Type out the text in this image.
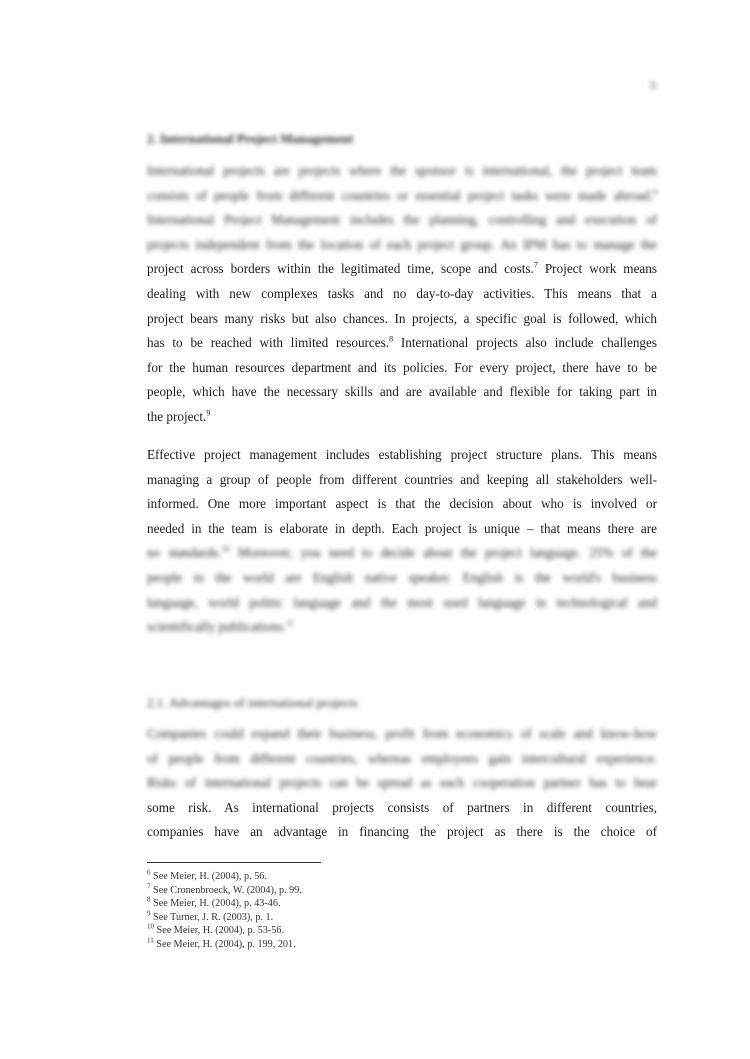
5
2. International Project Management
International projects are projects where the sponsor is international, the project team
consists of people from different countries or essential project tasks were made abroad.$^6$
International Project Management includes the planning, controlling and execution of
projects independent from the location of each project group. An IPM has to manage the
project across borders within the legitimated time, scope and costs.$^7$ Project work means
dealing with new complexes tasks and no day-to-day activities. This means that a
project bears many risks but also chances. In projects, a specific goal is followed, which
has to be reached with limited resources.$^8$ International projects also include challenges
for the human resources department and its policies. For every project, there have to be
people, which have the necessary skills and are available and flexible for taking part in
the project.$^9$
Effective project management includes establishing project structure plans. This means
managing a group of people from different countries and keeping all stakeholders well-
informed. One more important aspect is that the decision about who is involved or
needed in the team is elaborate in depth. Each project is unique – that means there are
no standards.$^{10}$ Moreover, you need to decide about the project language. 25% of the
people in the world are English native speaker. English is the world's business
language, world politic language and the most used language in technological and
scientifically publications.$^{11}$
2.1. Advantages of international projects
Companies could expand their business, profit from economics of scale and know-how
of people from different countries, whereas employees gain intercultural experience.
Risks of international projects can be spread as each cooperation partner has to bear
some risk. As international projects consists of partners in different countries,
companies have an advantage in financing the project as there is the choice of
$^6$ See Meier, H. (2004), p. 56.
$^7$ See Cronenbroeck, W. (2004), p. 99.
$^8$ See Meier, H. (2004), p. 43-46.
$^9$ See Turner, J. R. (2003), p. 1.
$^{10}$ See Meier, H. (2004), p. 53-56.
$^{11}$ See Meier, H. (2004), p. 199, 201.
